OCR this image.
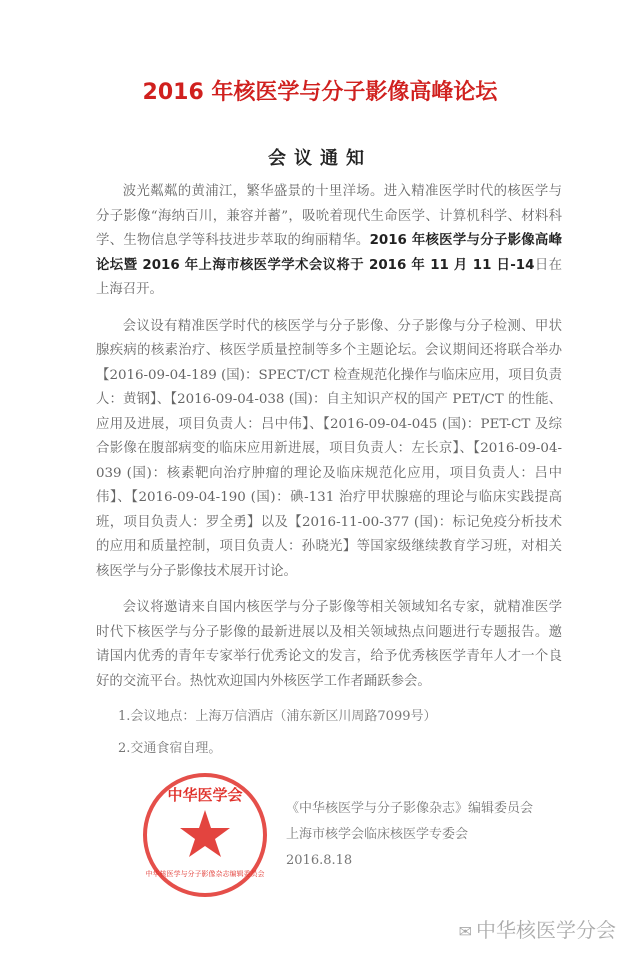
2016 年核医学与分子影像高峰论坛
会议通知
波光粼粼的黄浦江，繁华盛景的十里洋场。进入精准医学时代的核医学与分子影像“海纳百川，兼容并蓄”，吸吮着现代生命医学、计算机科学、材料科学、生物信息学等科技进步萃取的绚丽精华。2016 年核医学与分子影像高峰论坛暨 2016 年上海市核医学学术会议将于 2016 年 11 月 11 日-14日在上海召开。
会议设有精准医学时代的核医学与分子影像、分子影像与分子检测、甲状腺疾病的核素治疗、核医学质量控制等多个主题论坛。会议期间还将联合举办【2016-09-04-189 (国)：SPECT/CT 检查规范化操作与临床应用，项目负责人：黄钢】、【2016-09-04-038 (国)：自主知识产权的国产 PET/CT 的性能、应用及进展，项目负责人：吕中伟】、【2016-09-04-045 (国)：PET-CT 及综合影像在腹部病变的临床应用新进展，项目负责人：左长京】、【2016-09-04-039 (国)：核素靶向治疗肿瘤的理论及临床规范化应用，项目负责人：吕中伟】、【2016-09-04-190 (国)：碘-131 治疗甲状腺癌的理论与临床实践提高班，项目负责人：罗全勇】以及【2016-11-00-377 (国)：标记免疫分析技术的应用和质量控制，项目负责人：孙晓光】等国家级继续教育学习班，对相关核医学与分子影像技术展开讨论。
会议将邀请来自国内核医学与分子影像等相关领域知名专家，就精准医学时代下核医学与分子影像的最新进展以及相关领域热点问题进行专题报告。邀请国内优秀的青年专家举行优秀论文的发言，给予优秀核医学青年人才一个良好的交流平台。热忱欢迎国内外核医学工作者踊跃参会。
1.会议地点：上海万信酒店（浦东新区川周路7099号）
2.交通食宿自理。
中华医学会
中华核医学与分子影像杂志编辑委员会
《中华核医学与分子影像杂志》编辑委员会
上海市核学会临床核医学专委会
2016.8.18
✉ 中华核医学分会
